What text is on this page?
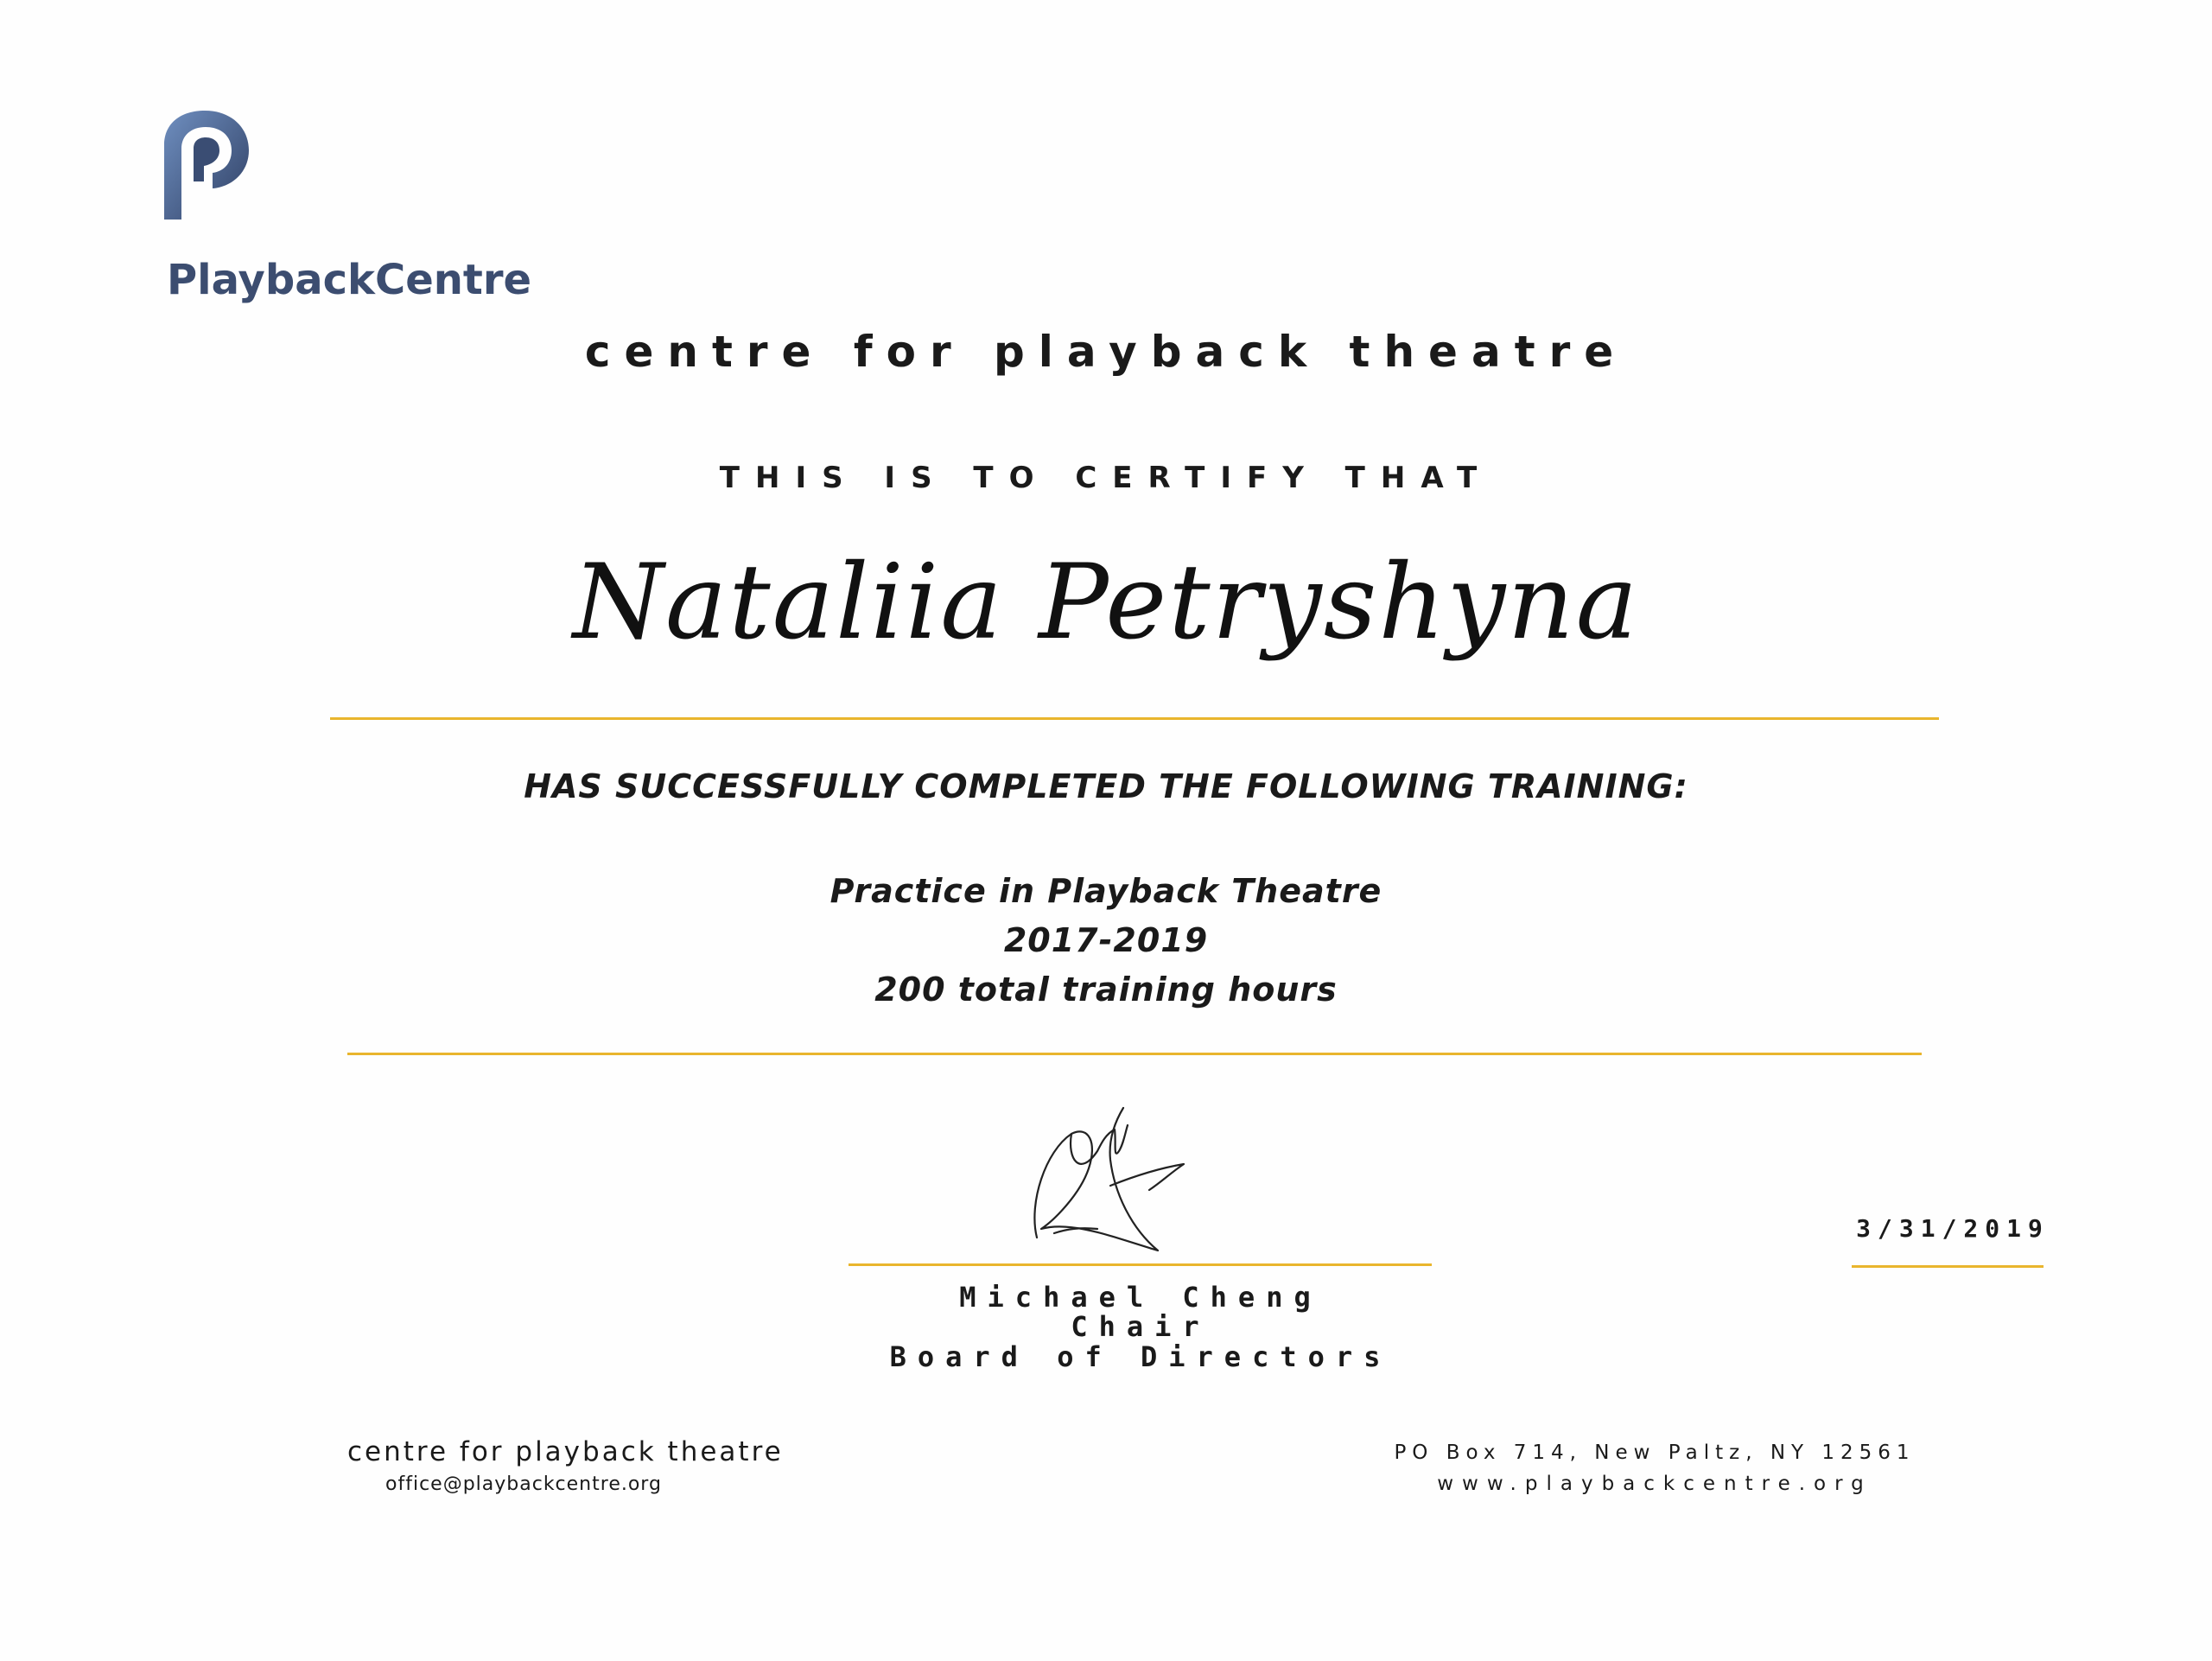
PlaybackCentre
centre for playback theatre
THIS IS TO CERTIFY THAT
Nataliia Petryshyna
HAS SUCCESSFULLY COMPLETED THE FOLLOWING TRAINING:
Practice in Playback Theatre
2017-2019
200 total training hours
3/31/2019
Michael Cheng
Chair
Board of Directors
centre for playback theatre
office@playbackcentre.org
PO Box 714, New Paltz, NY 12561
www.playbackcentre.org
